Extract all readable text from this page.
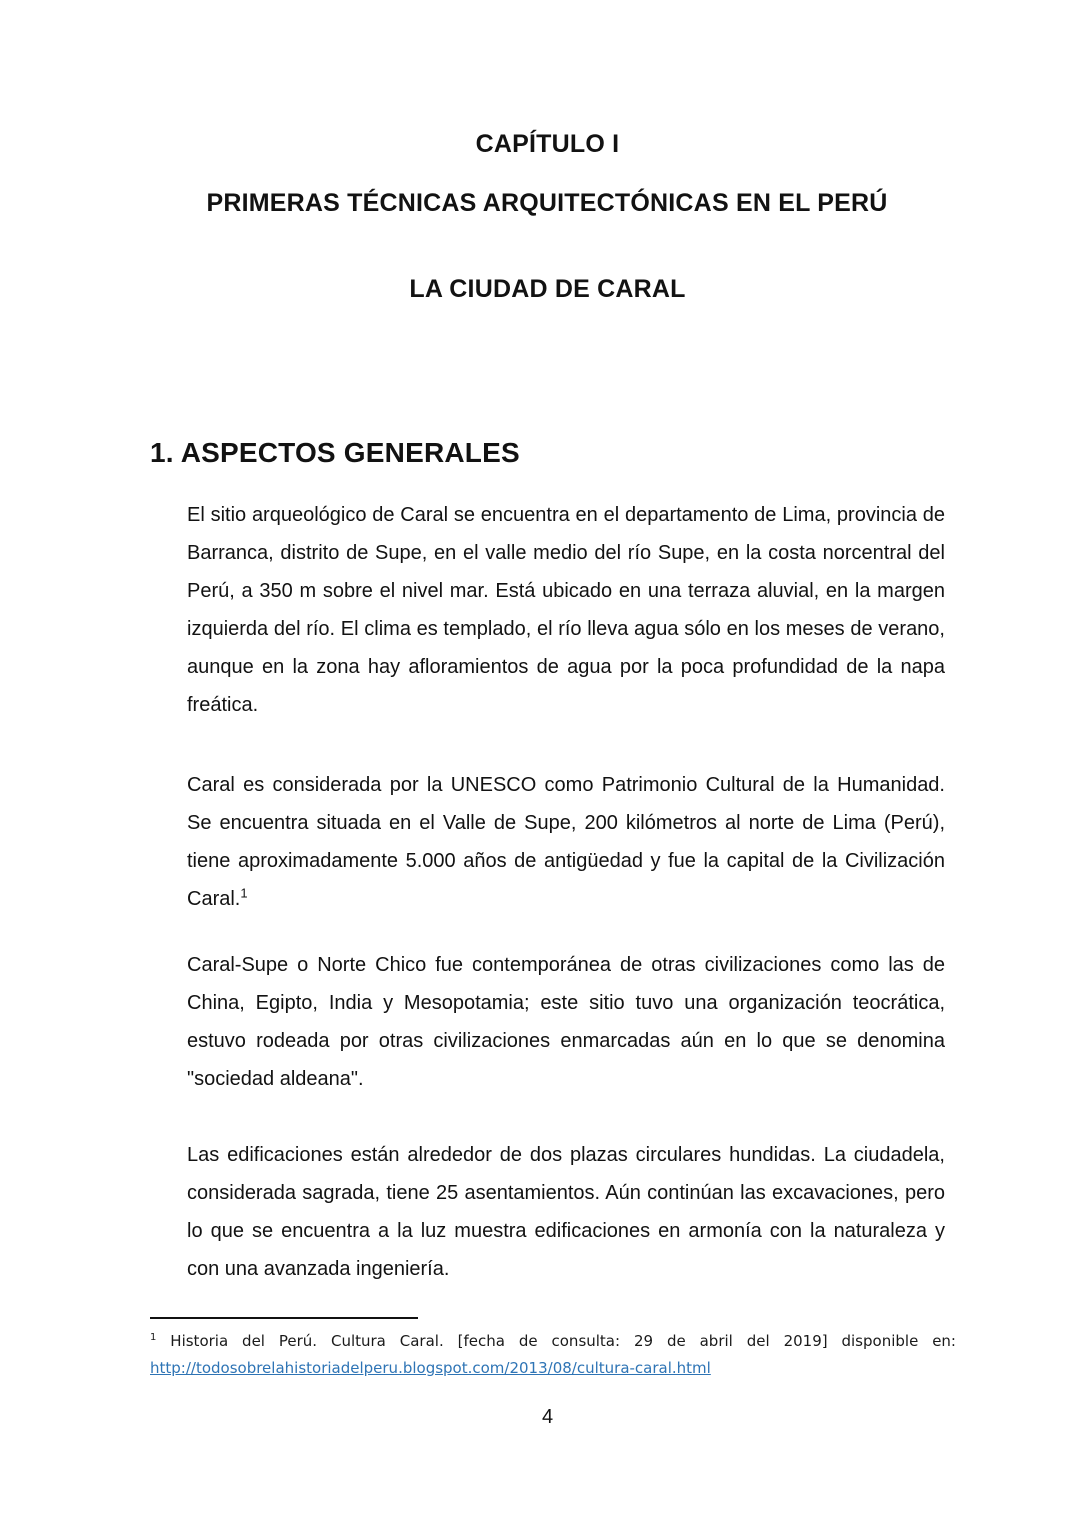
CAPÍTULO I
PRIMERAS TÉCNICAS ARQUITECTÓNICAS EN EL PERÚ
LA CIUDAD DE CARAL
1. ASPECTOS GENERALES

El sitio arqueológico de Caral se encuentra en el departamento de Lima, provincia de Barranca, distrito de Supe, en el valle medio del río Supe, en la costa norcentral del Perú, a 350 m sobre el nivel mar. Está ubicado en una terraza aluvial, en la margen izquierda del río. El clima es templado, el río lleva agua sólo en los meses de verano, aunque en la zona hay afloramientos de agua por la poca profundidad de la napa freática.

Caral es considerada por la UNESCO como Patrimonio Cultural de la Humanidad. Se encuentra situada en el Valle de Supe, 200 kilómetros al norte de Lima (Perú), tiene aproximadamente 5.000 años de antigüedad y fue la capital de la Civilización Caral.$^1$

Caral-Supe o Norte Chico fue contemporánea de otras civilizaciones como las de China, Egipto, India y Mesopotamia; este sitio tuvo una organización teocrática, estuvo rodeada por otras civilizaciones enmarcadas aún en lo que se denomina "sociedad aldeana".

Las edificaciones están alrededor de dos plazas circulares hundidas. La ciudadela, considerada sagrada, tiene 25 asentamientos. Aún continúan las excavaciones, pero lo que se encuentra a la luz muestra edificaciones en armonía con la naturaleza y con una avanzada ingeniería.

$^1$ Historia del Perú. Cultura Caral. [fecha de consulta: 29 de abril del 2019] disponible en: http://todosobrelahistoriadelperu.blogspot.com/2013/08/cultura-caral.html
4
